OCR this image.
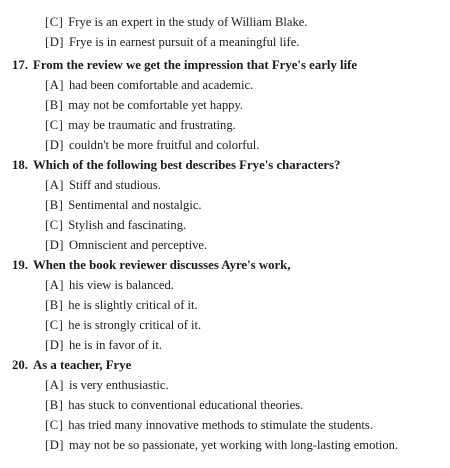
[C] Frye is an expert in the study of William Blake.
[D] Frye is in earnest pursuit of a meaningful life.
17. From the review we get the impression that Frye's early life
[A] had been comfortable and academic.
[B] may not be comfortable yet happy.
[C] may be traumatic and frustrating.
[D] couldn't be more fruitful and colorful.
18. Which of the following best describes Frye's characters?
[A] Stiff and studious.
[B] Sentimental and nostalgic.
[C] Stylish and fascinating.
[D] Omniscient and perceptive.
19. When the book reviewer discusses Ayre's work,
[A] his view is balanced.
[B] he is slightly critical of it.
[C] he is strongly critical of it.
[D] he is in favor of it.
20. As a teacher, Frye
[A] is very enthusiastic.
[B] has stuck to conventional educational theories.
[C] has tried many innovative methods to stimulate the students.
[D] may not be so passionate, yet working with long-lasting emotion.
